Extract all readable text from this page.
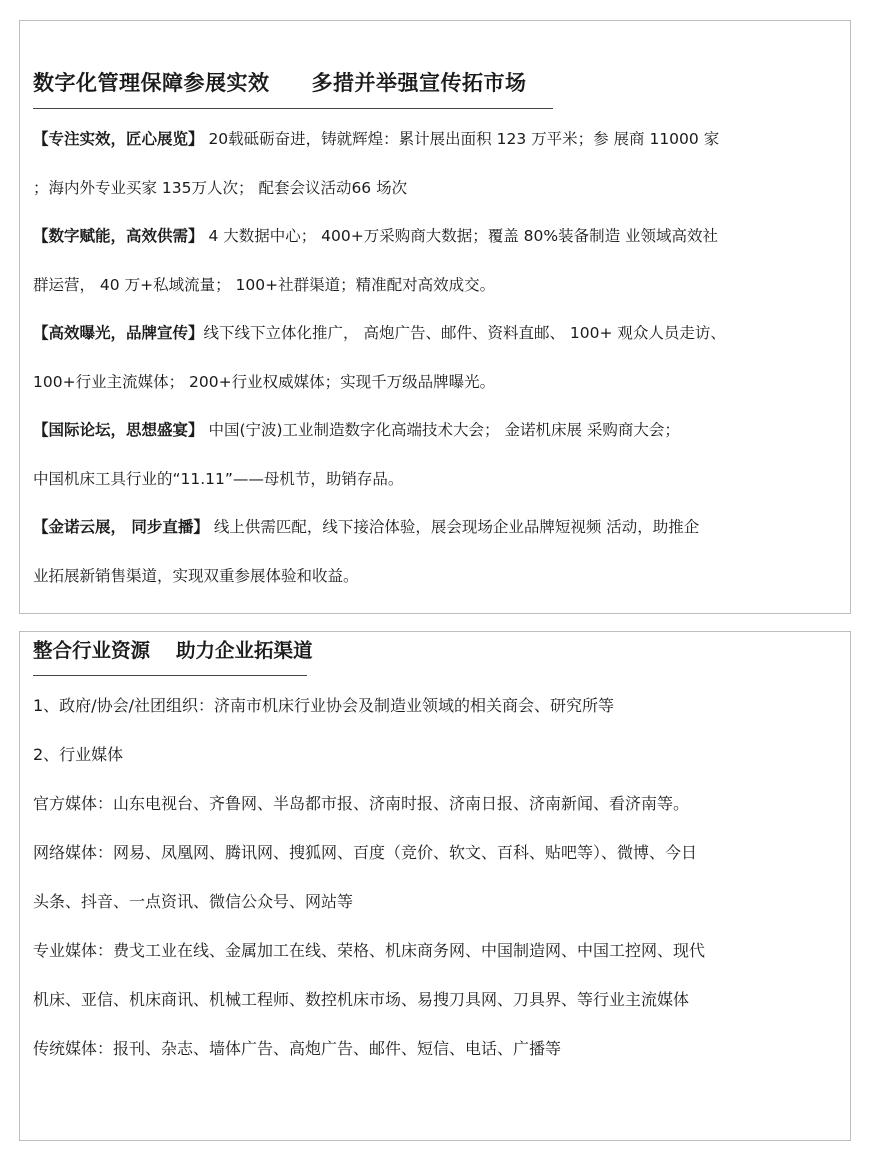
数字化管理保障参展实效 多措并举强宣传拓市场
【专注实效，匠心展览】 20载砥砺奋进，铸就辉煌：累计展出面积 123 万平米；参 展商 11000 家
；海内外专业买家 135万人次； 配套会议活动66 场次
【数字赋能，高效供需】 4 大数据中心； 400+万采购商大数据；覆盖 80%装备制造 业领域高效社
群运营， 40 万+私域流量； 100+社群渠道；精准配对高效成交。
【高效曝光，品牌宣传】线下线下立体化推广， 高炮广告、邮件、资料直邮、 100+ 观众人员走访、
100+行业主流媒体； 200+行业权威媒体；实现千万级品牌曝光。
【国际论坛，思想盛宴】 中国(宁波)工业制造数字化高端技术大会； 金诺机床展 采购商大会；
中国机床工具行业的“11.11”——母机节，助销存品。
【金诺云展， 同步直播】 线上供需匹配，线下接洽体验，展会现场企业品牌短视频 活动，助推企
业拓展新销售渠道，实现双重参展体验和收益。
整合行业资源 助力企业拓渠道
1、政府/协会/社团组织：济南市机床行业协会及制造业领域的相关商会、研究所等
2、行业媒体
官方媒体：山东电视台、齐鲁网、半岛都市报、济南时报、济南日报、济南新闻、看济南等。
网络媒体：网易、凤凰网、腾讯网、搜狐网、百度（竞价、软文、百科、贴吧等）、微博、今日
头条、抖音、一点资讯、微信公众号、网站等
专业媒体：费戈工业在线、金属加工在线、荣格、机床商务网、中国制造网、中国工控网、现代
机床、亚信、机床商讯、机械工程师、数控机床市场、易搜刀具网、刀具界、等行业主流媒体
传统媒体：报刊、杂志、墙体广告、高炮广告、邮件、短信、电话、广播等
